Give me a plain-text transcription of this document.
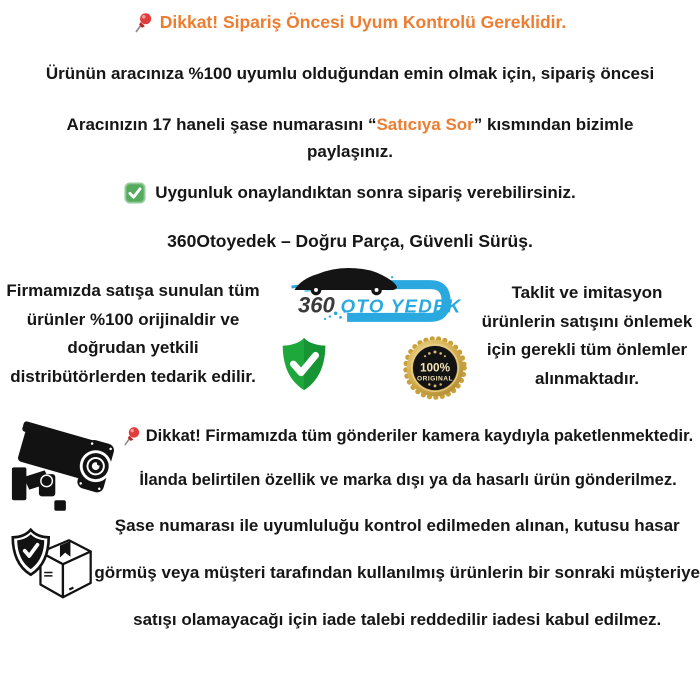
Dikkat! Sipariş Öncesi Uyum Kontrolü Gereklidir.
Ürünün aracınıza %100 uyumlu olduğundan emin olmak için, sipariş öncesi
Aracınızın 17 haneli şase numarasını “Satıcıya Sor” kısmından bizimle
paylaşınız.
Uygunluk onaylandıktan sonra sipariş verebilirsiniz.
360Otoyedek – Doğru Parça, Güvenli Sürüş.
Firmamızda satışa sunulan tüm
ürünler %100 orijinaldir ve
doğrudan yetkili
distribütörlerden tedarik edilir.
360 OTO YEDEK
100%
ORIGINAL
Taklit ve imitasyon
ürünlerin satışını önlemek
için gerekli tüm önlemler
alınmaktadır.
Dikkat! Firmamızda tüm gönderiler kamera kaydıyla paketlenmektedir.
İlanda belirtilen özellik ve marka dışı ya da hasarlı ürün gönderilmez.
Şase numarası ile uyumluluğu kontrol edilmeden alınan, kutusu hasar
görmüş veya müşteri tarafından kullanılmış ürünlerin bir sonraki müşteriye
satışı olamayacağı için iade talebi reddedilir iadesi kabul edilmez.
